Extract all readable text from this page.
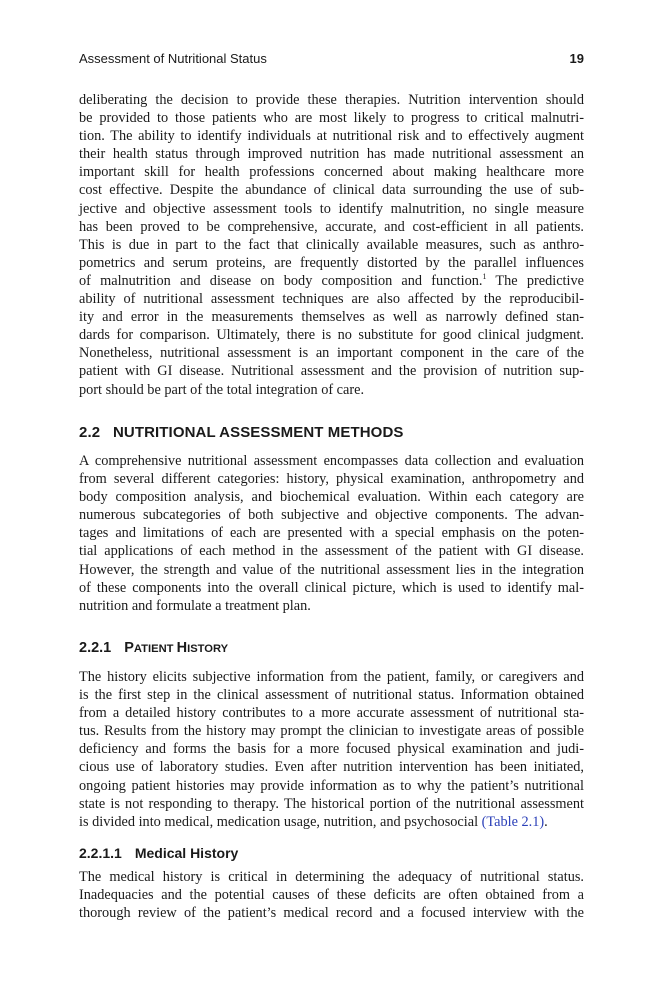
Assessment of Nutritional Status	19
deliberating the decision to provide these therapies. Nutrition intervention should
be provided to those patients who are most likely to progress to critical malnutri-
tion. The ability to identify individuals at nutritional risk and to effectively augment
their health status through improved nutrition has made nutritional assessment an
important skill for health professions concerned about making healthcare more
cost effective. Despite the abundance of clinical data surrounding the use of sub-
jective and objective assessment tools to identify malnutrition, no single measure
has been proved to be comprehensive, accurate, and cost-efficient in all patients.
This is due in part to the fact that clinically available measures, such as anthro-
pometrics and serum proteins, are frequently distorted by the parallel influences
of malnutrition and disease on body composition and function.$^1$ The predictive
ability of nutritional assessment techniques are also affected by the reproducibil-
ity and error in the measurements themselves as well as narrowly defined stan-
dards for comparison. Ultimately, there is no substitute for good clinical judgment.
Nonetheless, nutritional assessment is an important component in the care of the
patient with GI disease. Nutritional assessment and the provision of nutrition sup-
port should be part of the total integration of care.
2.2 NUTRITIONAL ASSESSMENT METHODS
A comprehensive nutritional assessment encompasses data collection and evaluation
from several different categories: history, physical examination, anthropometry and
body composition analysis, and biochemical evaluation. Within each category are
numerous subcategories of both subjective and objective components. The advan-
tages and limitations of each are presented with a special emphasis on the poten-
tial applications of each method in the assessment of the patient with GI disease.
However, the strength and value of the nutritional assessment lies in the integration
of these components into the overall clinical picture, which is used to identify mal-
nutrition and formulate a treatment plan.
2.2.1 PATIENT HISTORY
The history elicits subjective information from the patient, family, or caregivers and
is the first step in the clinical assessment of nutritional status. Information obtained
from a detailed history contributes to a more accurate assessment of nutritional sta-
tus. Results from the history may prompt the clinician to investigate areas of possible
deficiency and forms the basis for a more focused physical examination and judi-
cious use of laboratory studies. Even after nutrition intervention has been initiated,
ongoing patient histories may provide information as to why the patient’s nutritional
state is not responding to therapy. The historical portion of the nutritional assessment
is divided into medical, medication usage, nutrition, and psychosocial (Table 2.1).
2.2.1.1 Medical History
The medical history is critical in determining the adequacy of nutritional status.
Inadequacies and the potential causes of these deficits are often obtained from a
thorough review of the patient’s medical record and a focused interview with the
